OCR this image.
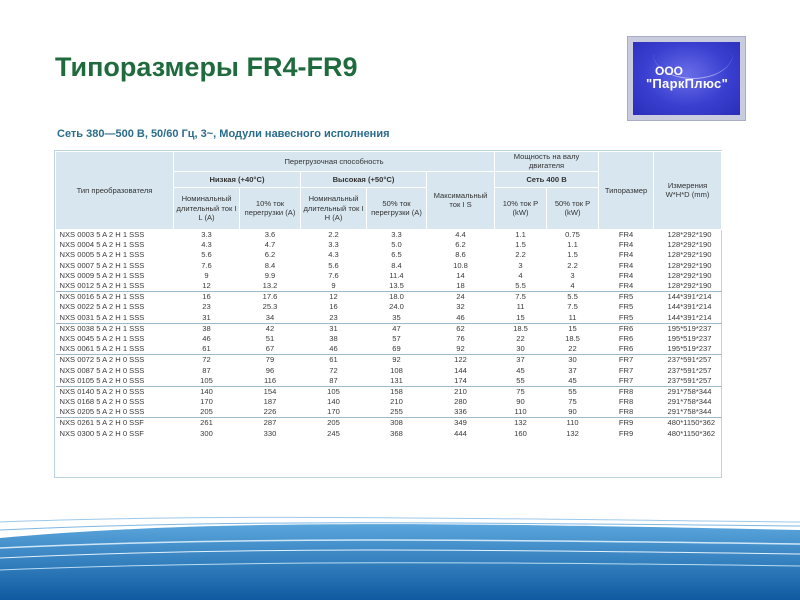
Типоразмеры FR4-FR9	ООО
"ПаркПлюс"
Сеть 380—500 В, 50/60 Гц, 3~, Модули навесного исполнения
Тип преобразователя	Перегрузочная способность					Мощность на валу двигателя		Типоразмер	Измерения W*H*D (mm)
	Низкая (+40°C)		Высокая (+50°C)		Максимальный ток I S	Сеть 400 В			
	Номинальный длительный ток I L (A)	10% ток перегрузки (A)	Номинальный длительный ток I H (A)	50% ток перегрузки (A)		10% ток P (kW)	50% ток P (kW)		
NXS 0003 5 A 2 H 1 SSS	3.3	3.6	2.2	3.3	4.4	1.1	0.75	FR4	128*292*190
NXS 0004 5 A 2 H 1 SSS	4.3	4.7	3.3	5.0	6.2	1.5	1.1	FR4	128*292*190
NXS 0005 5 A 2 H 1 SSS	5.6	6.2	4.3	6.5	8.6	2.2	1.5	FR4	128*292*190
NXS 0007 5 A 2 H 1 SSS	7.6	8.4	5.6	8.4	10.8	3	2.2	FR4	128*292*190
NXS 0009 5 A 2 H 1 SSS	9	9.9	7.6	11.4	14	4	3	FR4	128*292*190
NXS 0012 5 A 2 H 1 SSS	12	13.2	9	13.5	18	5.5	4	FR4	128*292*190
NXS 0016 5 A 2 H 1 SSS	16	17.6	12	18.0	24	7.5	5.5	FR5	144*391*214
NXS 0022 5 A 2 H 1 SSS	23	25.3	16	24.0	32	11	7.5	FR5	144*391*214
NXS 0031 5 A 2 H 1 SSS	31	34	23	35	46	15	11	FR5	144*391*214
NXS 0038 5 A 2 H 1 SSS	38	42	31	47	62	18.5	15	FR6	195*519*237
NXS 0045 5 A 2 H 1 SSS	46	51	38	57	76	22	18.5	FR6	195*519*237
NXS 0061 5 A 2 H 1 SSS	61	67	46	69	92	30	22	FR6	195*519*237
NXS 0072 5 A 2 H 0 SSS	72	79	61	92	122	37	30	FR7	237*591*257
NXS 0087 5 A 2 H 0 SSS	87	96	72	108	144	45	37	FR7	237*591*257
NXS 0105 5 A 2 H 0 SSS	105	116	87	131	174	55	45	FR7	237*591*257
NXS 0140 5 A 2 H 0 SSS	140	154	105	158	210	75	55	FR8	291*758*344
NXS 0168 5 A 2 H 0 SSS	170	187	140	210	280	90	75	FR8	291*758*344
NXS 0205 5 A 2 H 0 SSS	205	226	170	255	336	110	90	FR8	291*758*344
NXS 0261 5 A 2 H 0 SSF	261	287	205	308	349	132	110	FR9	480*1150*362
NXS 0300 5 A 2 H 0 SSF	300	330	245	368	444	160	132	FR9	480*1150*362
